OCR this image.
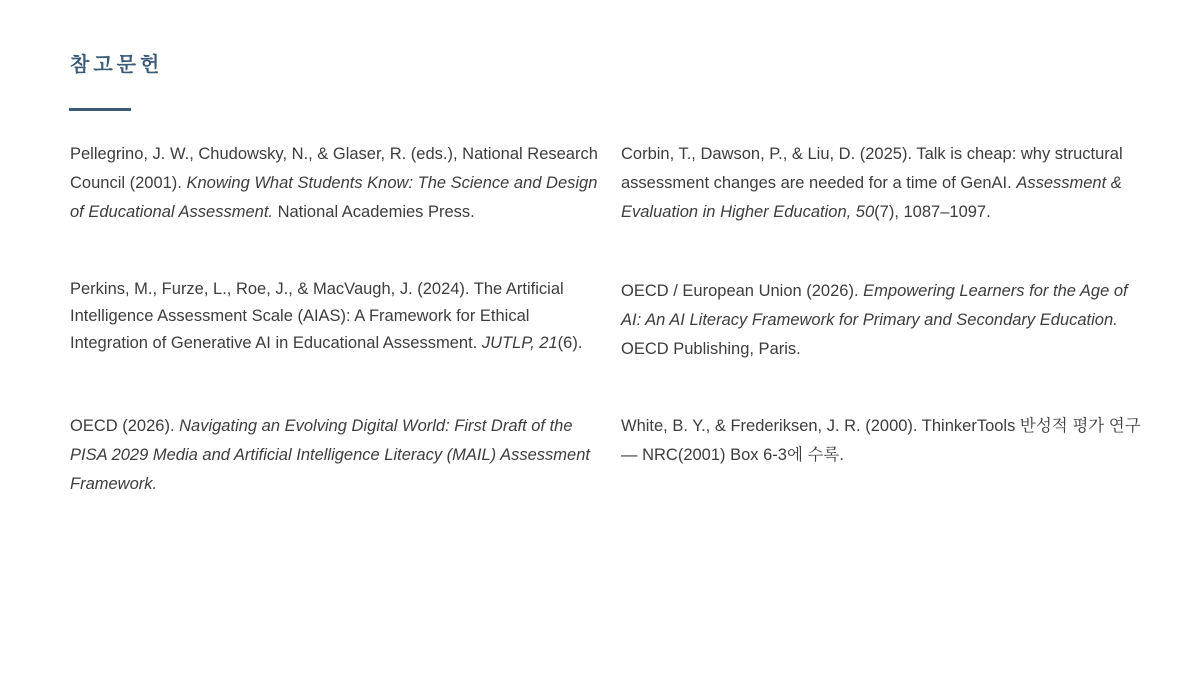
참고문헌

Pellegrino, J. W., Chudowsky, N., & Glaser, R. (eds.), National Research Council (2001). Knowing What Students Know: The Science and Design of Educational Assessment. National Academies Press.

Corbin, T., Dawson, P., & Liu, D. (2025). Talk is cheap: why structural assessment changes are needed for a time of GenAI. Assessment & Evaluation in Higher Education, 50(7), 1087–1097.

Perkins, M., Furze, L., Roe, J., & MacVaugh, J. (2024). The Artificial Intelligence Assessment Scale (AIAS): A Framework for Ethical Integration of Generative AI in Educational Assessment. JUTLP, 21(6).

OECD / European Union (2026). Empowering Learners for the Age of AI: An AI Literacy Framework for Primary and Secondary Education. OECD Publishing, Paris.

OECD (2026). Navigating an Evolving Digital World: First Draft of the PISA 2029 Media and Artificial Intelligence Literacy (MAIL) Assessment Framework.

White, B. Y., & Frederiksen, J. R. (2000). ThinkerTools 반성적 평가 연구 — NRC(2001) Box 6-3에 수록.
